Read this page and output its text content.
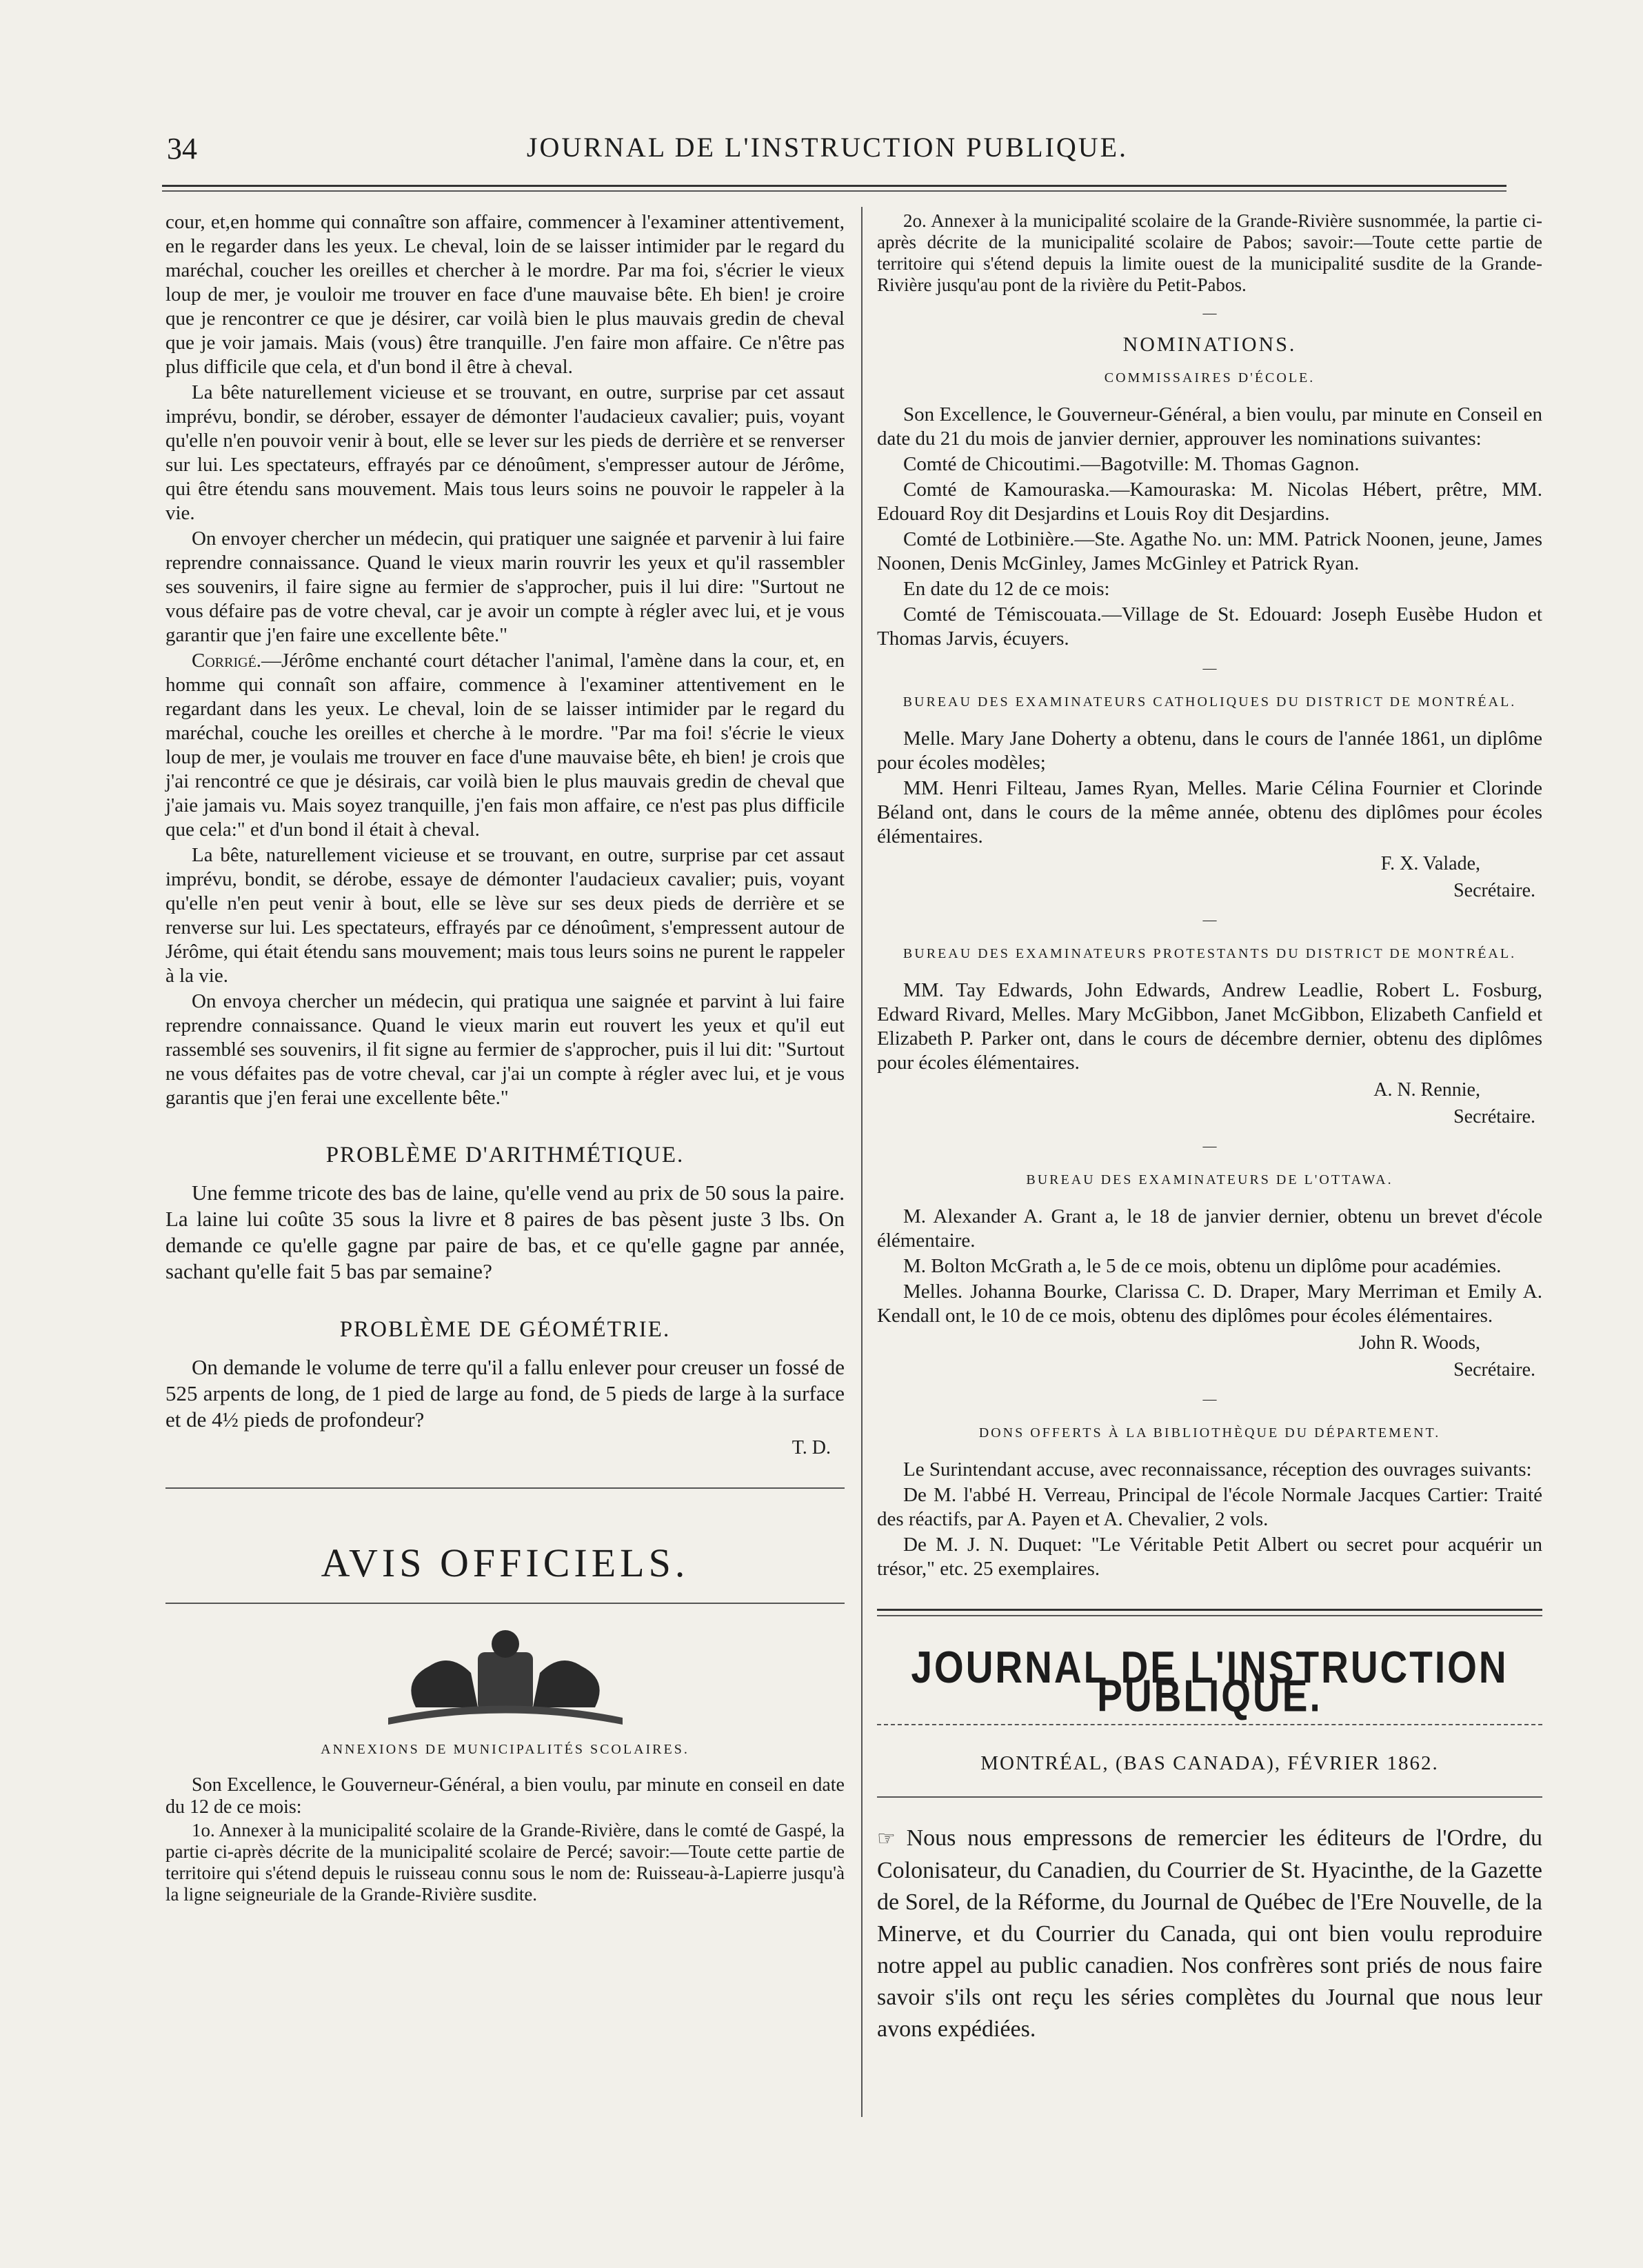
34	JOURNAL DE L'INSTRUCTION PUBLIQUE.

cour, et,en homme qui connaître son affaire, commencer à l'examiner attentivement, en le regarder dans les yeux. Le cheval, loin de se laisser intimider par le regard du maréchal, coucher les oreilles et chercher à le mordre. Par ma foi, s'écrier le vieux loup de mer, je vouloir me trouver en face d'une mauvaise bête. Eh bien! je croire que je rencontrer ce que je désirer, car voilà bien le plus mauvais gredin de cheval que je voir jamais. Mais (vous) être tranquille. J'en faire mon affaire. Ce n'être pas plus difficile que cela, et d'un bond il être à cheval.

La bête naturellement vicieuse et se trouvant, en outre, surprise par cet assaut imprévu, bondir, se dérober, essayer de démonter l'audacieux cavalier; puis, voyant qu'elle n'en pouvoir venir à bout, elle se lever sur les pieds de derrière et se renverser sur lui. Les spectateurs, effrayés par ce dénoûment, s'empresser autour de Jérôme, qui être étendu sans mouvement. Mais tous leurs soins ne pouvoir le rappeler à la vie.

On envoyer chercher un médecin, qui pratiquer une saignée et parvenir à lui faire reprendre connaissance. Quand le vieux marin rouvrir les yeux et qu'il rassembler ses souvenirs, il faire signe au fermier de s'approcher, puis il lui dire: "Surtout ne vous défaire pas de votre cheval, car je avoir un compte à régler avec lui, et je vous garantir que j'en faire une excellente bête."

Corrigé.—Jérôme enchanté court détacher l'animal, l'amène dans la cour, et, en homme qui connaît son affaire, commence à l'examiner attentivement en le regardant dans les yeux. Le cheval, loin de se laisser intimider par le regard du maréchal, couche les oreilles et cherche à le mordre. "Par ma foi! s'écrie le vieux loup de mer, je voulais me trouver en face d'une mauvaise bête, eh bien! je crois que j'ai rencontré ce que je désirais, car voilà bien le plus mauvais gredin de cheval que j'aie jamais vu. Mais soyez tranquille, j'en fais mon affaire, ce n'est pas plus difficile que cela:" et d'un bond il était à cheval.

La bête, naturellement vicieuse et se trouvant, en outre, surprise par cet assaut imprévu, bondit, se dérobe, essaye de démonter l'audacieux cavalier; puis, voyant qu'elle n'en peut venir à bout, elle se lève sur ses deux pieds de derrière et se renverse sur lui. Les spectateurs, effrayés par ce dénoûment, s'empressent autour de Jérôme, qui était étendu sans mouvement; mais tous leurs soins ne purent le rappeler à la vie.

On envoya chercher un médecin, qui pratiqua une saignée et parvint à lui faire reprendre connaissance. Quand le vieux marin eut rouvert les yeux et qu'il eut rassemblé ses souvenirs, il fit signe au fermier de s'approcher, puis il lui dit: "Surtout ne vous défaites pas de votre cheval, car j'ai un compte à régler avec lui, et je vous garantis que j'en ferai une excellente bête."

PROBLÈME D'ARITHMÉTIQUE.

Une femme tricote des bas de laine, qu'elle vend au prix de 50 sous la paire. La laine lui coûte 35 sous la livre et 8 paires de bas pèsent juste 3 lbs. On demande ce qu'elle gagne par paire de bas, et ce qu'elle gagne par année, sachant qu'elle fait 5 bas par semaine?

PROBLÈME DE GÉOMÉTRIE.

On demande le volume de terre qu'il a fallu enlever pour creuser un fossé de 525 arpents de long, de 1 pied de large au fond, de 5 pieds de large à la surface et de 4½ pieds de profondeur?

T. D.
AVIS OFFICIELS.
ANNEXIONS DE MUNICIPALITÉS SCOLAIRES.

Son Excellence, le Gouverneur-Général, a bien voulu, par minute en conseil en date du 12 de ce mois:

1o. Annexer à la municipalité scolaire de la Grande-Rivière, dans le comté de Gaspé, la partie ci-après décrite de la municipalité scolaire de Percé; savoir:—Toute cette partie de territoire qui s'étend depuis le ruisseau connu sous le nom de: Ruisseau-à-Lapierre jusqu'à la ligne seigneuriale de la Grande-Rivière susdite.

2o. Annexer à la municipalité scolaire de la Grande-Rivière susnommée, la partie ci-après décrite de la municipalité scolaire de Pabos; savoir:—Toute cette partie de territoire qui s'étend depuis la limite ouest de la municipalité susdite de la Grande-Rivière jusqu'au pont de la rivière du Petit-Pabos.

—
NOMINATIONS.
COMMISSAIRES D'ÉCOLE.

Son Excellence, le Gouverneur-Général, a bien voulu, par minute en Conseil en date du 21 du mois de janvier dernier, approuver les nominations suivantes:

Comté de Chicoutimi.—Bagotville: M. Thomas Gagnon.

Comté de Kamouraska.—Kamouraska: M. Nicolas Hébert, prêtre, MM. Edouard Roy dit Desjardins et Louis Roy dit Desjardins.

Comté de Lotbinière.—Ste. Agathe No. un: MM. Patrick Noonen, jeune, James Noonen, Denis McGinley, James McGinley et Patrick Ryan.

En date du 12 de ce mois:

Comté de Témiscouata.—Village de St. Edouard: Joseph Eusèbe Hudon et Thomas Jarvis, écuyers.

—
BUREAU DES EXAMINATEURS CATHOLIQUES DU DISTRICT DE MONTRÉAL.

Melle. Mary Jane Doherty a obtenu, dans le cours de l'année 1861, un diplôme pour écoles modèles;

MM. Henri Filteau, James Ryan, Melles. Marie Célina Fournier et Clorinde Béland ont, dans le cours de la même année, obtenu des diplômes pour écoles élémentaires.

F. X. Valade,
Secrétaire.
—
BUREAU DES EXAMINATEURS PROTESTANTS DU DISTRICT DE MONTRÉAL.

MM. Tay Edwards, John Edwards, Andrew Leadlie, Robert L. Fosburg, Edward Rivard, Melles. Mary McGibbon, Janet McGibbon, Elizabeth Canfield et Elizabeth P. Parker ont, dans le cours de décembre dernier, obtenu des diplômes pour écoles élémentaires.

A. N. Rennie,
Secrétaire.
—
BUREAU DES EXAMINATEURS DE L'OTTAWA.

M. Alexander A. Grant a, le 18 de janvier dernier, obtenu un brevet d'école élémentaire.

M. Bolton McGrath a, le 5 de ce mois, obtenu un diplôme pour académies.

Melles. Johanna Bourke, Clarissa C. D. Draper, Mary Merriman et Emily A. Kendall ont, le 10 de ce mois, obtenu des diplômes pour écoles élémentaires.

John R. Woods,
Secrétaire.
—
DONS OFFERTS À LA BIBLIOTHÈQUE DU DÉPARTEMENT.

Le Surintendant accuse, avec reconnaissance, réception des ouvrages suivants:

De M. l'abbé H. Verreau, Principal de l'école Normale Jacques Cartier: Traité des réactifs, par A. Payen et A. Chevalier, 2 vols.

De M. J. N. Duquet: "Le Véritable Petit Albert ou secret pour acquérir un trésor," etc. 25 exemplaires.

JOURNAL DE L'INSTRUCTION PUBLIQUE.
MONTRÉAL, (BAS CANADA), FÉVRIER 1862.

☞ Nous nous empressons de remercier les éditeurs de l'Ordre, du Colonisateur, du Canadien, du Courrier de St. Hyacinthe, de la Gazette de Sorel, de la Réforme, du Journal de Québec de l'Ere Nouvelle, de la Minerve, et du Courrier du Canada, qui ont bien voulu reproduire notre appel au public canadien. Nos confrères sont priés de nous faire savoir s'ils ont reçu les séries complètes du Journal que nous leur avons expédiées.
